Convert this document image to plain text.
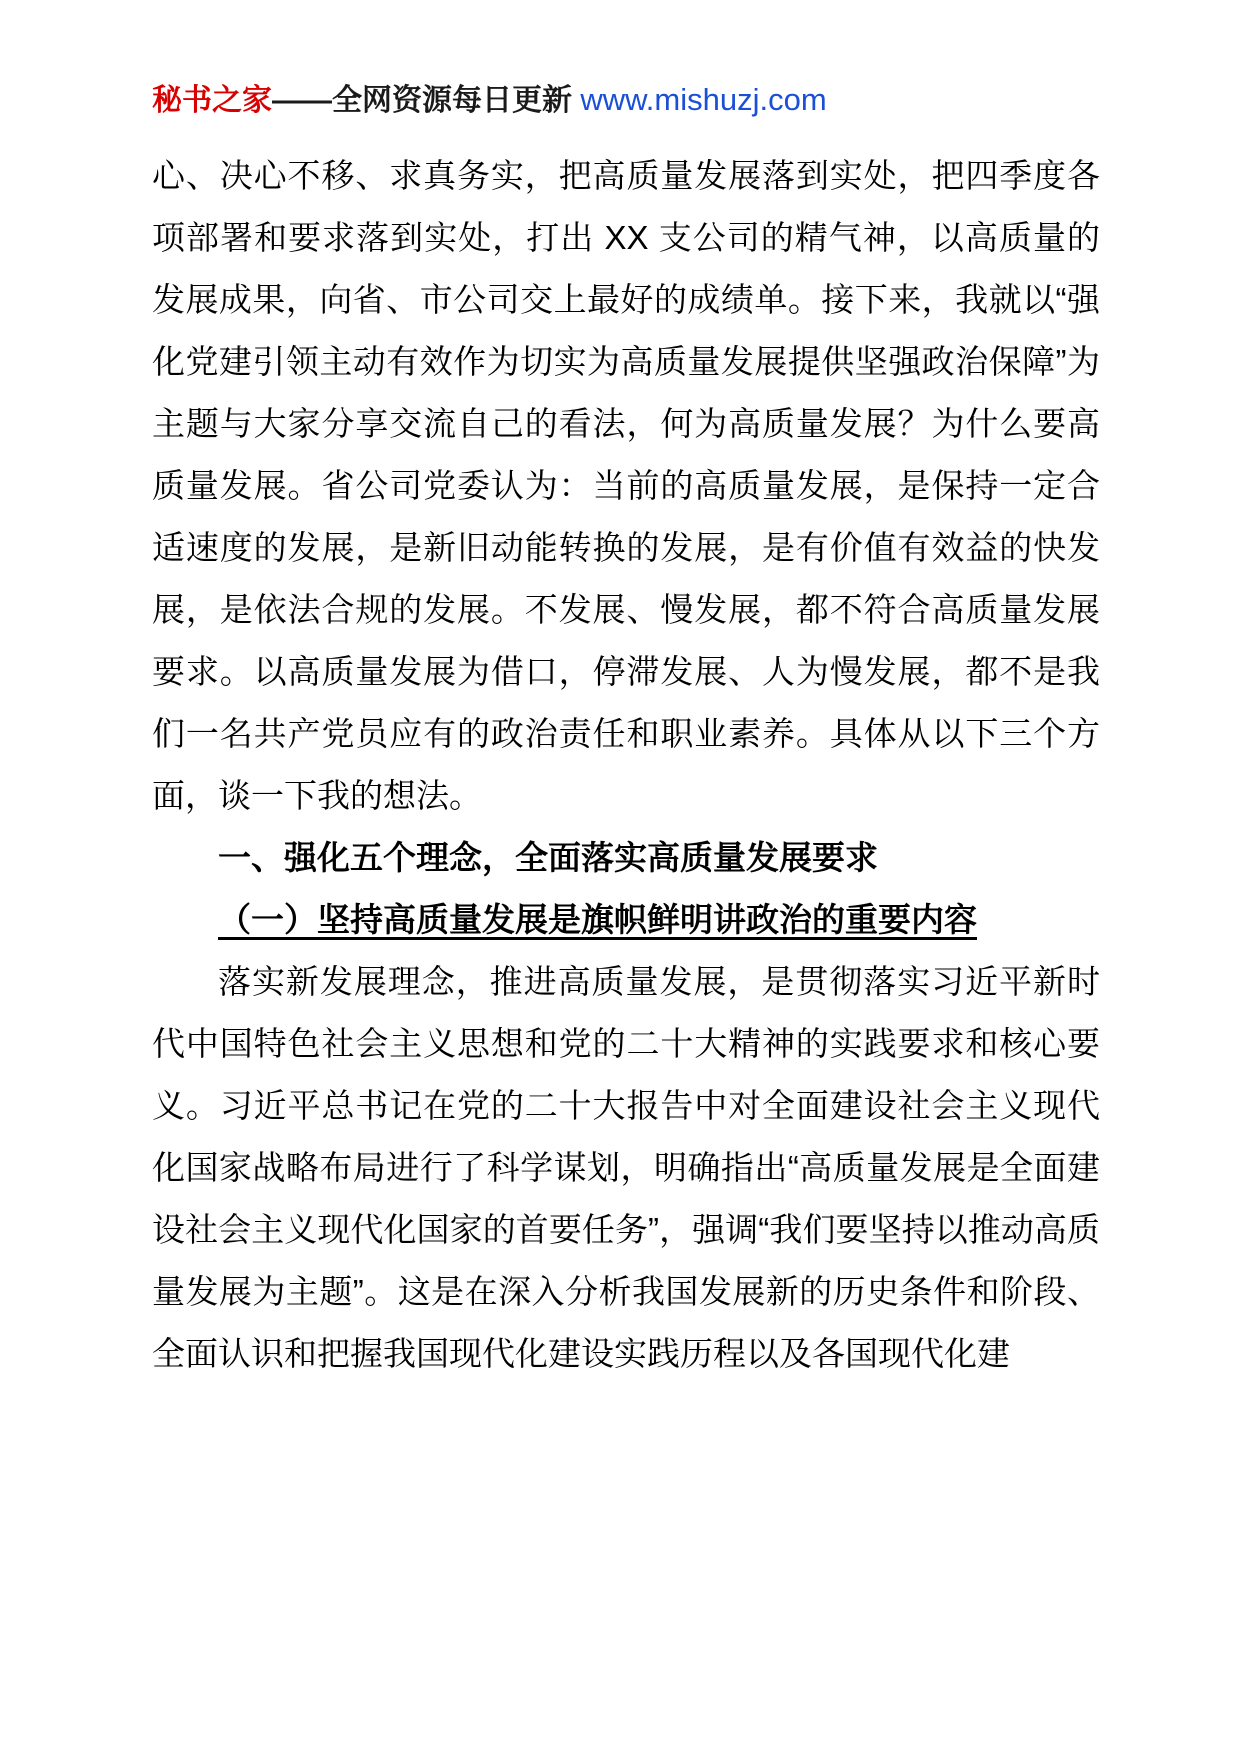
秘书之家——全网资源每日更新 www.mishuzj.com

心、决心不移、求真务实，把高质量发展落到实处，把四季度各项部署和要求落到实处，打出 XX 支公司的精气神，以高质量的发展成果，向省、市公司交上最好的成绩单。接下来，我就以“强化党建引领主动有效作为切实为高质量发展提供坚强政治保障”为主题与大家分享交流自己的看法，何为高质量发展？为什么要高质量发展。省公司党委认为：当前的高质量发展，是保持一定合适速度的发展，是新旧动能转换的发展，是有价值有效益的快发展，是依法合规的发展。不发展、慢发展，都不符合高质量发展要求。以高质量发展为借口，停滞发展、人为慢发展，都不是我们一名共产党员应有的政治责任和职业素养。具体从以下三个方面，谈一下我的想法。

一、强化五个理念，全面落实高质量发展要求

（一）坚持高质量发展是旗帜鲜明讲政治的重要内容

落实新发展理念，推进高质量发展，是贯彻落实习近平新时代中国特色社会主义思想和党的二十大精神的实践要求和核心要义。习近平总书记在党的二十大报告中对全面建设社会主义现代化国家战略布局进行了科学谋划，明确指出“高质量发展是全面建设社会主义现代化国家的首要任务”，强调“我们要坚持以推动高质量发展为主题”。这是在深入分析我国发展新的历史条件和阶段、全面认识和把握我国现代化建设实践历程以及各国现代化建
